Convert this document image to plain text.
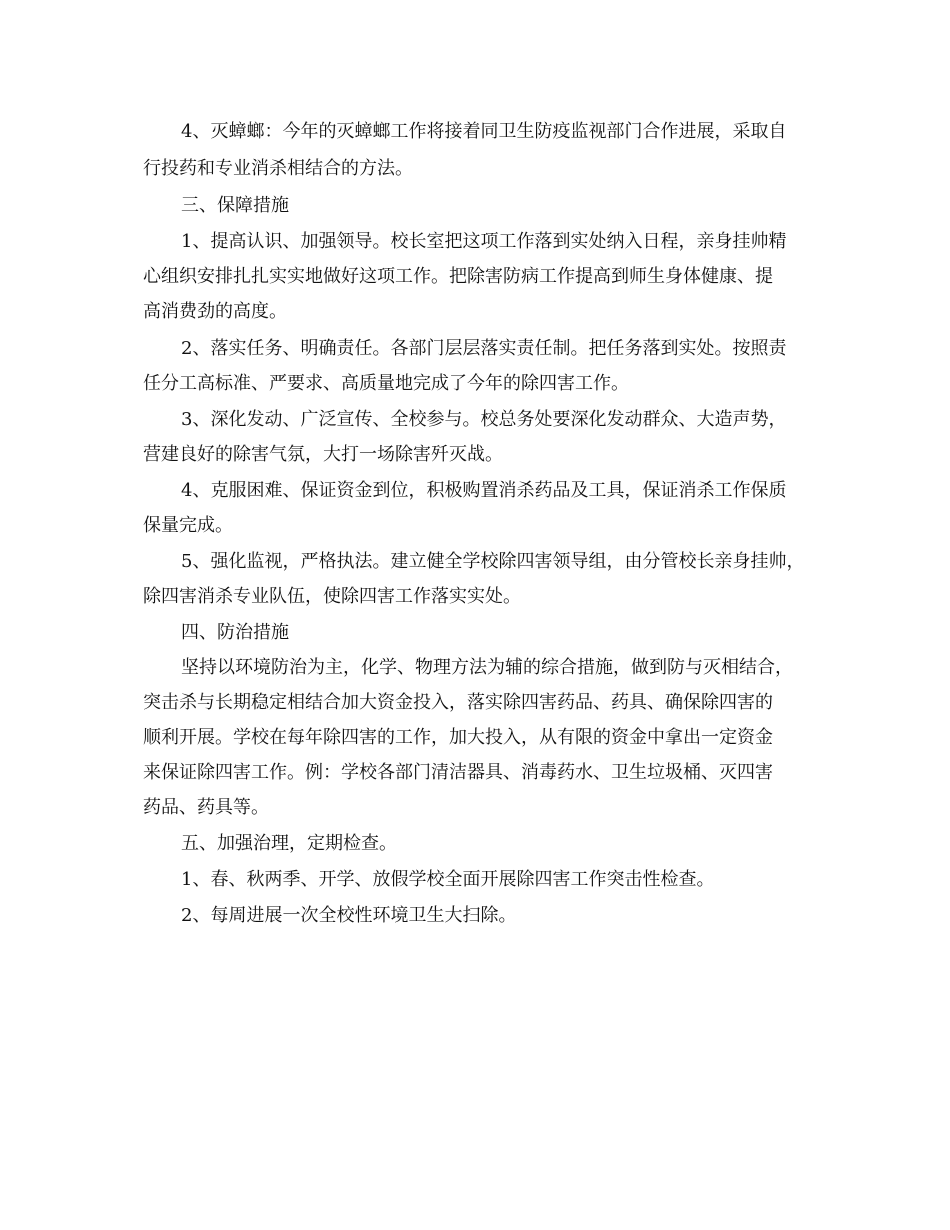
4、灭蟑螂：今年的灭蟑螂工作将接着同卫生防疫监视部门合作进展，采取自

行投药和专业消杀相结合的方法。

三、保障措施

1、提高认识、加强领导。校长室把这项工作落到实处纳入日程，亲身挂帅精

心组织安排扎扎实实地做好这项工作。把除害防病工作提高到师生身体健康、提

高消费劲的高度。

2、落实任务、明确责任。各部门层层落实责任制。把任务落到实处。按照责

任分工高标准、严要求、高质量地完成了今年的除四害工作。

3、深化发动、广泛宣传、全校参与。校总务处要深化发动群众、大造声势，

营建良好的除害气氛，大打一场除害歼灭战。

4、克服困难、保证资金到位，积极购置消杀药品及工具，保证消杀工作保质

保量完成。

5、强化监视，严格执法。建立健全学校除四害领导组，由分管校长亲身挂帅，

除四害消杀专业队伍，使除四害工作落实实处。

四、防治措施

坚持以环境防治为主，化学、物理方法为辅的综合措施，做到防与灭相结合，

突击杀与长期稳定相结合加大资金投入，落实除四害药品、药具、确保除四害的

顺利开展。学校在每年除四害的工作，加大投入，从有限的资金中拿出一定资金

来保证除四害工作。例：学校各部门清洁器具、消毒药水、卫生垃圾桶、灭四害

药品、药具等。

五、加强治理，定期检查。

1、春、秋两季、开学、放假学校全面开展除四害工作突击性检查。

2、每周进展一次全校性环境卫生大扫除。
